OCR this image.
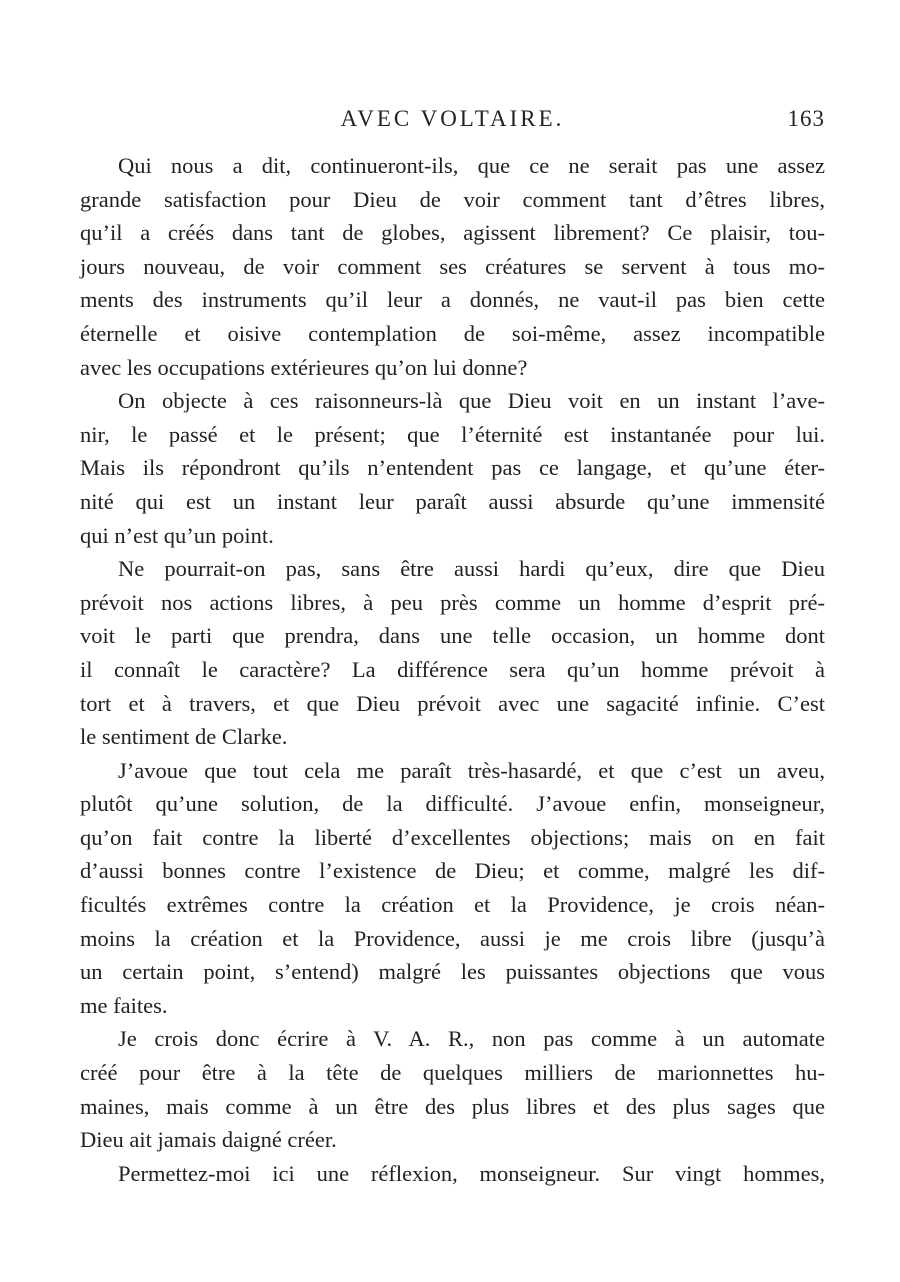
AVEC VOLTAIRE.	163
Qui nous a dit, continueront-ils, que ce ne serait pas une assez
grande satisfaction pour Dieu de voir comment tant d’êtres libres,
qu’il a créés dans tant de globes, agissent librement? Ce plaisir, tou-
jours nouveau, de voir comment ses créatures se servent à tous mo-
ments des instruments qu’il leur a donnés, ne vaut-il pas bien cette
éternelle et oisive contemplation de soi-même, assez incompatible
avec les occupations extérieures qu’on lui donne?
On objecte à ces raisonneurs-là que Dieu voit en un instant l’ave-
nir, le passé et le présent; que l’éternité est instantanée pour lui.
Mais ils répondront qu’ils n’entendent pas ce langage, et qu’une éter-
nité qui est un instant leur paraît aussi absurde qu’une immensité
qui n’est qu’un point.
Ne pourrait-on pas, sans être aussi hardi qu’eux, dire que Dieu
prévoit nos actions libres, à peu près comme un homme d’esprit pré-
voit le parti que prendra, dans une telle occasion, un homme dont
il connaît le caractère? La différence sera qu’un homme prévoit à
tort et à travers, et que Dieu prévoit avec une sagacité infinie. C’est
le sentiment de Clarke.
J’avoue que tout cela me paraît très-hasardé, et que c’est un aveu,
plutôt qu’une solution, de la difficulté. J’avoue enfin, monseigneur,
qu’on fait contre la liberté d’excellentes objections; mais on en fait
d’aussi bonnes contre l’existence de Dieu; et comme, malgré les dif-
ficultés extrêmes contre la création et la Providence, je crois néan-
moins la création et la Providence, aussi je me crois libre (jusqu’à
un certain point, s’entend) malgré les puissantes objections que vous
me faites.
Je crois donc écrire à V. A. R., non pas comme à un automate
créé pour être à la tête de quelques milliers de marionnettes hu-
maines, mais comme à un être des plus libres et des plus sages que
Dieu ait jamais daigné créer.
Permettez-moi ici une réflexion, monseigneur. Sur vingt hommes,
